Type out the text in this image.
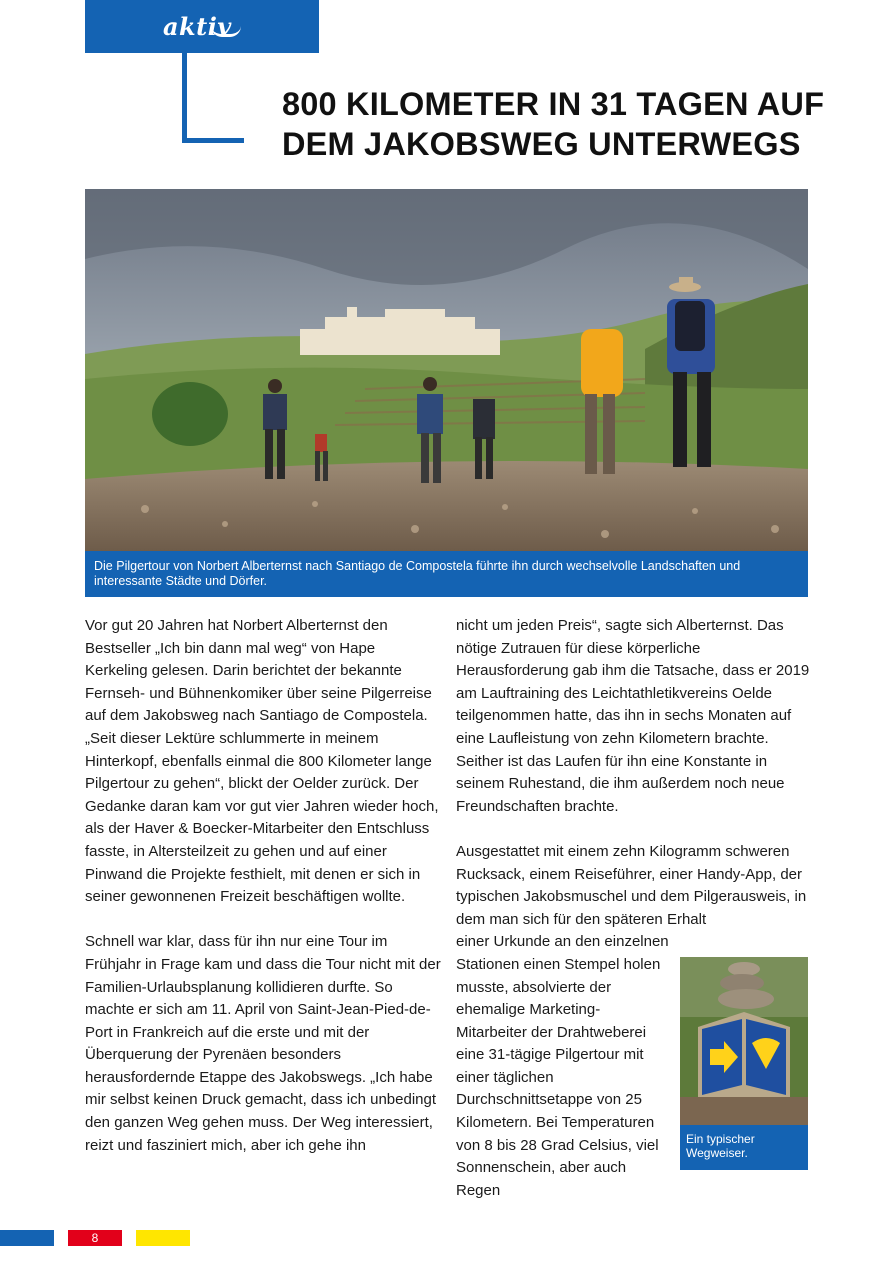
aktiv
800 KILOMETER IN 31 TAGEN AUF
DEM JAKOBSWEG UNTERWEGS
Die Pilgertour von Norbert Alberternst nach Santiago de Compostela führte ihn durch wechselvolle Landschaften und interessante Städte und Dörfer.

Vor gut 20 Jahren hat Norbert Alberternst den Bestseller „Ich bin dann mal weg“ von Hape Kerkeling gelesen. Darin berichtet der bekannte Fernseh- und Bühnenkomiker über seine Pilgerreise auf dem Jakobsweg nach Santiago de Compostela. „Seit dieser Lektüre schlummerte in meinem Hinterkopf, ebenfalls einmal die 800 Kilometer lange Pilgertour zu gehen“, blickt der Oelder zurück. Der Gedanke daran kam vor gut vier Jahren wieder hoch, als der Haver & Boecker-Mitarbeiter den Entschluss fasste, in Altersteilzeit zu gehen und auf einer Pinwand die Projekte festhielt, mit denen er sich in seiner gewonnenen Freizeit beschäftigen wollte.

Schnell war klar, dass für ihn nur eine Tour im Frühjahr in Frage kam und dass die Tour nicht mit der Familien-Urlaubsplanung kollidieren durfte. So machte er sich am 11. April von Saint-Jean-Pied-de-Port in Frankreich auf die erste und mit der Überquerung der Pyrenäen besonders herausfordernde Etappe des Jakobswegs. „Ich habe mir selbst keinen Druck gemacht, dass ich unbedingt den ganzen Weg gehen muss. Der Weg interessiert, reizt und fasziniert mich, aber ich gehe ihn

nicht um jeden Preis“, sagte sich Alberternst. Das nötige Zutrauen für diese körperliche Herausforderung gab ihm die Tatsache, dass er 2019 am Lauftraining des Leichtathletikvereins Oelde teilgenommen hatte, das ihn in sechs Monaten auf eine Laufleistung von zehn Kilometern brachte. Seither ist das Laufen für ihn eine Konstante in seinem Ruhestand, die ihm außerdem noch neue Freundschaften brachte.

Ausgestattet mit einem zehn Kilogramm schweren Rucksack, einem Reiseführer, einer Handy-App, der typischen Jakobsmuschel und dem Pilgerausweis, in dem man sich für den späteren Erhalt

einer Urkunde an den einzelnen Stationen einen Stempel holen musste, absolvierte der ehemalige Marketing-Mitarbeiter der Drahtweberei eine 31-tägige Pilgertour mit einer täglichen Durchschnittsetappe von 25 Kilometern. Bei Temperaturen von 8 bis 28 Grad Celsius, viel Sonnenschein, aber auch Regen

Ein typischer Wegweiser.
8
